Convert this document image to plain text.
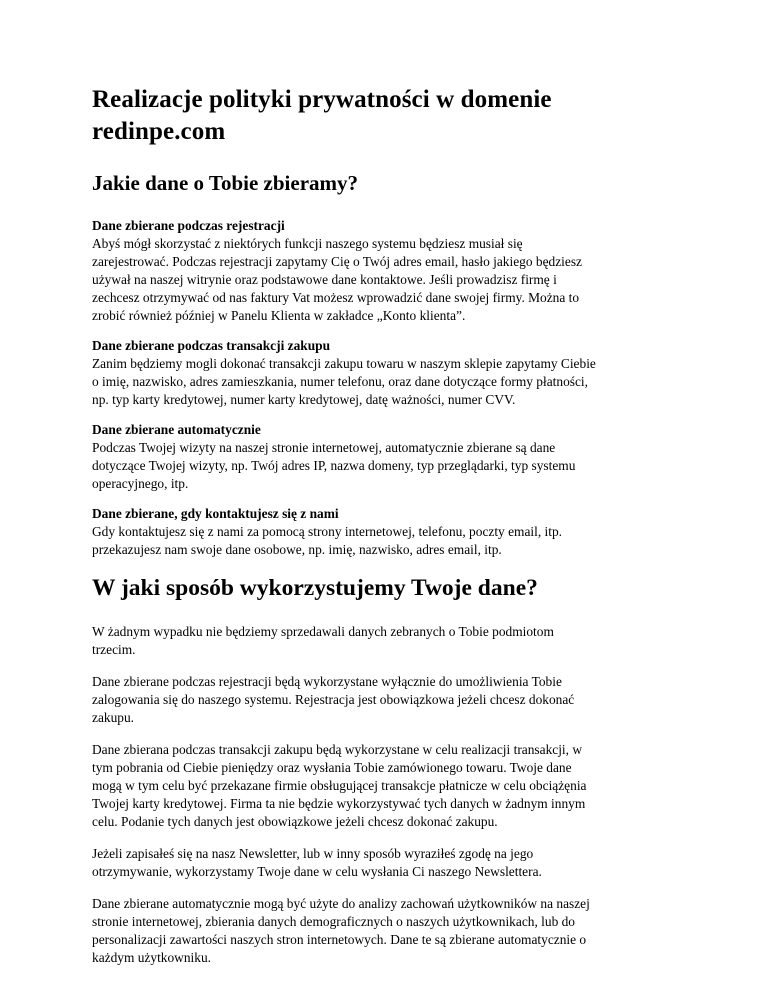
Realizacje polityki prywatności w domenie redinpe.com
Jakie dane o Tobie zbieramy?
Dane zbierane podczas rejestracji
Abyś mógł skorzystać z niektórych funkcji naszego systemu będziesz musiał się
zarejestrować. Podczas rejestracji zapytamy Cię o Twój adres email, hasło jakiego będziesz
używał na naszej witrynie oraz podstawowe dane kontaktowe. Jeśli prowadzisz firmę i
zechcesz otrzymywać od nas faktury Vat możesz wprowadzić dane swojej firmy. Można to
zrobić również później w Panelu Klienta w zakładce „Konto klienta”.
Dane zbierane podczas transakcji zakupu
Zanim będziemy mogli dokonać transakcji zakupu towaru w naszym sklepie zapytamy Ciebie
o imię, nazwisko, adres zamieszkania, numer telefonu, oraz dane dotyczące formy płatności,
np. typ karty kredytowej, numer karty kredytowej, datę ważności, numer CVV.
Dane zbierane automatycznie
Podczas Twojej wizyty na naszej stronie internetowej, automatycznie zbierane są dane
dotyczące Twojej wizyty, np. Twój adres IP, nazwa domeny, typ przeglądarki, typ systemu
operacyjnego, itp.
Dane zbierane, gdy kontaktujesz się z nami
Gdy kontaktujesz się z nami za pomocą strony internetowej, telefonu, poczty email, itp.
przekazujesz nam swoje dane osobowe, np. imię, nazwisko, adres email, itp.
W jaki sposób wykorzystujemy Twoje dane?

W żadnym wypadku nie będziemy sprzedawali danych zebranych o Tobie podmiotom
trzecim.

Dane zbierane podczas rejestracji będą wykorzystane wyłącznie do umożliwienia Tobie
zalogowania się do naszego systemu. Rejestracja jest obowiązkowa jeżeli chcesz dokonać
zakupu.

Dane zbierana podczas transakcji zakupu będą wykorzystane w celu realizacji transakcji, w
tym pobrania od Ciebie pieniędzy oraz wysłania Tobie zamówionego towaru. Twoje dane
mogą w tym celu być przekazane firmie obsługującej transakcje płatnicze w celu obciążęnia
Twojej karty kredytowej. Firma ta nie będzie wykorzystywać tych danych w żadnym innym
celu. Podanie tych danych jest obowiązkowe jeżeli chcesz dokonać zakupu.

Jeżeli zapisałeś się na nasz Newsletter, lub w inny sposób wyraziłeś zgodę na jego
otrzymywanie, wykorzystamy Twoje dane w celu wysłania Ci naszego Newslettera.

Dane zbierane automatycznie mogą być użyte do analizy zachowań użytkowników na naszej
stronie internetowej, zbierania danych demograficznych o naszych użytkownikach, lub do
personalizacji zawartości naszych stron internetowych. Dane te są zbierane automatycznie o
każdym użytkowniku.
